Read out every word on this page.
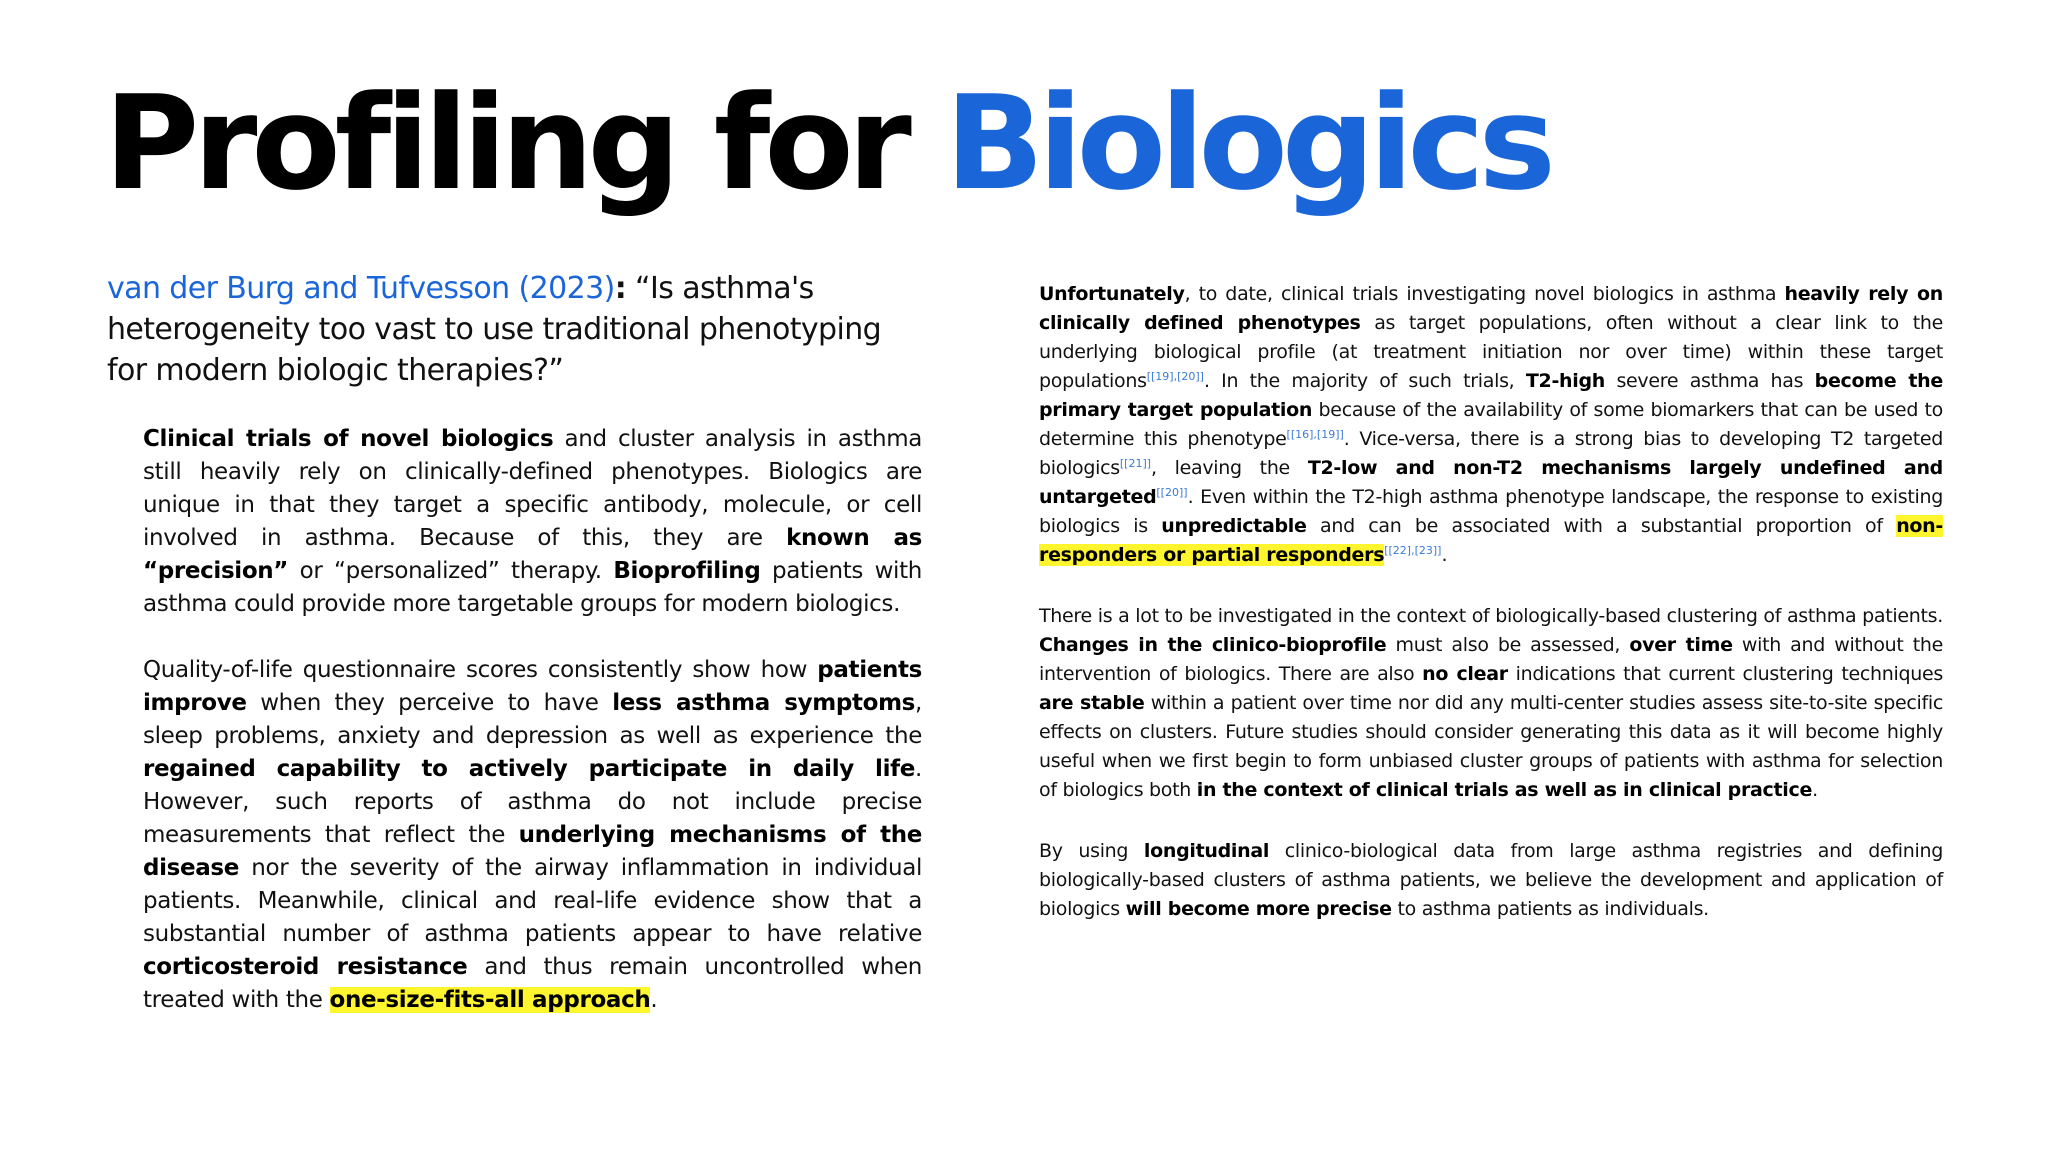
Profiling for Biologics

van der Burg and Tufvesson (2023): “Is asthma's heterogeneity too vast to use traditional phenotyping for modern biologic therapies?”

Clinical trials of novel biologics and cluster analysis in asthma still heavily rely on clinically-defined phenotypes. Biologics are unique in that they target a specific antibody, molecule, or cell involved in asthma. Because of this, they are known as “precision” or “personalized” therapy. Bioprofiling patients with asthma could provide more targetable groups for modern biologics.

Quality-of-life questionnaire scores consistently show how patients improve when they perceive to have less asthma symptoms, sleep problems, anxiety and depression as well as experience the regained capability to actively participate in daily life. However, such reports of asthma do not include precise measurements that reflect the underlying mechanisms of the disease nor the severity of the airway inflammation in individual patients. Meanwhile, clinical and real-life evidence show that a substantial number of asthma patients appear to have relative corticosteroid resistance and thus remain uncontrolled when treated with the one-size-fits-all approach.

Unfortunately, to date, clinical trials investigating novel biologics in asthma heavily rely on clinically defined phenotypes as target populations, often without a clear link to the underlying biological profile (at treatment initiation nor over time) within these target populations[[19],[20]]. In the majority of such trials, T2-high severe asthma has become the primary target population because of the availability of some biomarkers that can be used to determine this phenotype[[16],[19]]. Vice-versa, there is a strong bias to developing T2 targeted biologics[[21]], leaving the T2-low and non-T2 mechanisms largely undefined and untargeted[[20]]. Even within the T2-high asthma phenotype landscape, the response to existing biologics is unpredictable and can be associated with a substantial proportion of non-responders or partial responders[[22],[23]].

There is a lot to be investigated in the context of biologically-based clustering of asthma patients. Changes in the clinico-bioprofile must also be assessed, over time with and without the intervention of biologics. There are also no clear indications that current clustering techniques are stable within a patient over time nor did any multi-center studies assess site-to-site specific effects on clusters. Future studies should consider generating this data as it will become highly useful when we first begin to form unbiased cluster groups of patients with asthma for selection of biologics both in the context of clinical trials as well as in clinical practice.

By using longitudinal clinico-biological data from large asthma registries and defining biologically-based clusters of asthma patients, we believe the development and application of biologics will become more precise to asthma patients as individuals.
